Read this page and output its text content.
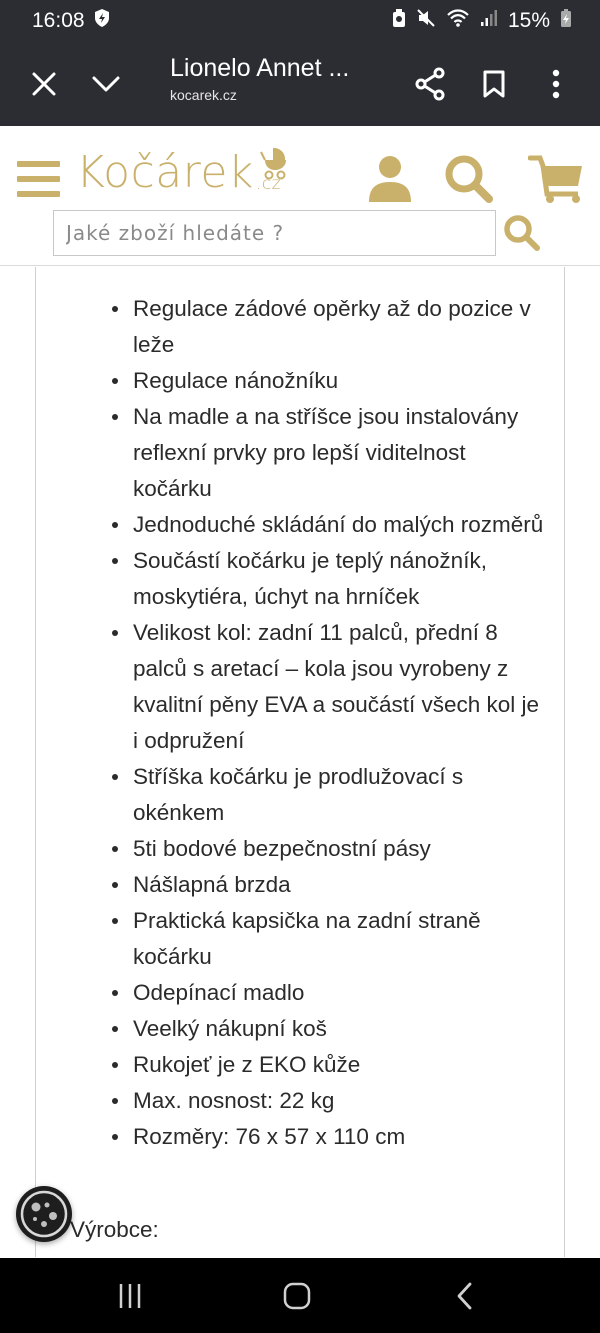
16:08	15%
Lionelo Annet ...
kocarek.cz
Kočárek .cz
Jaké zboží hledáte ?
Regulace zádové opěrky až do pozice v leže
Regulace nánožníku
Na madle a na stříšce jsou instalovány reflexní prvky pro lepší viditelnost kočárku
Jednoduché skládání do malých rozměrů
Součástí kočárku je teplý nánožník, moskytiéra, úchyt na hrníček
Velikost kol: zadní 11 palců, přední 8 palců s aretací – kola jsou vyrobeny z kvalitní pěny EVA a součástí všech kol je i odpružení
Stříška kočárku je prodlužovací s okénkem
5ti bodové bezpečnostní pásy
Nášlapná brzda
Praktická kapsička na zadní straně kočárku
Odepínací madlo
Veelký nákupní koš
Rukojeť je z EKO kůže
Max. nosnost: 22 kg
Rozměry: 76 x 57 x 110 cm
Výrobce:
